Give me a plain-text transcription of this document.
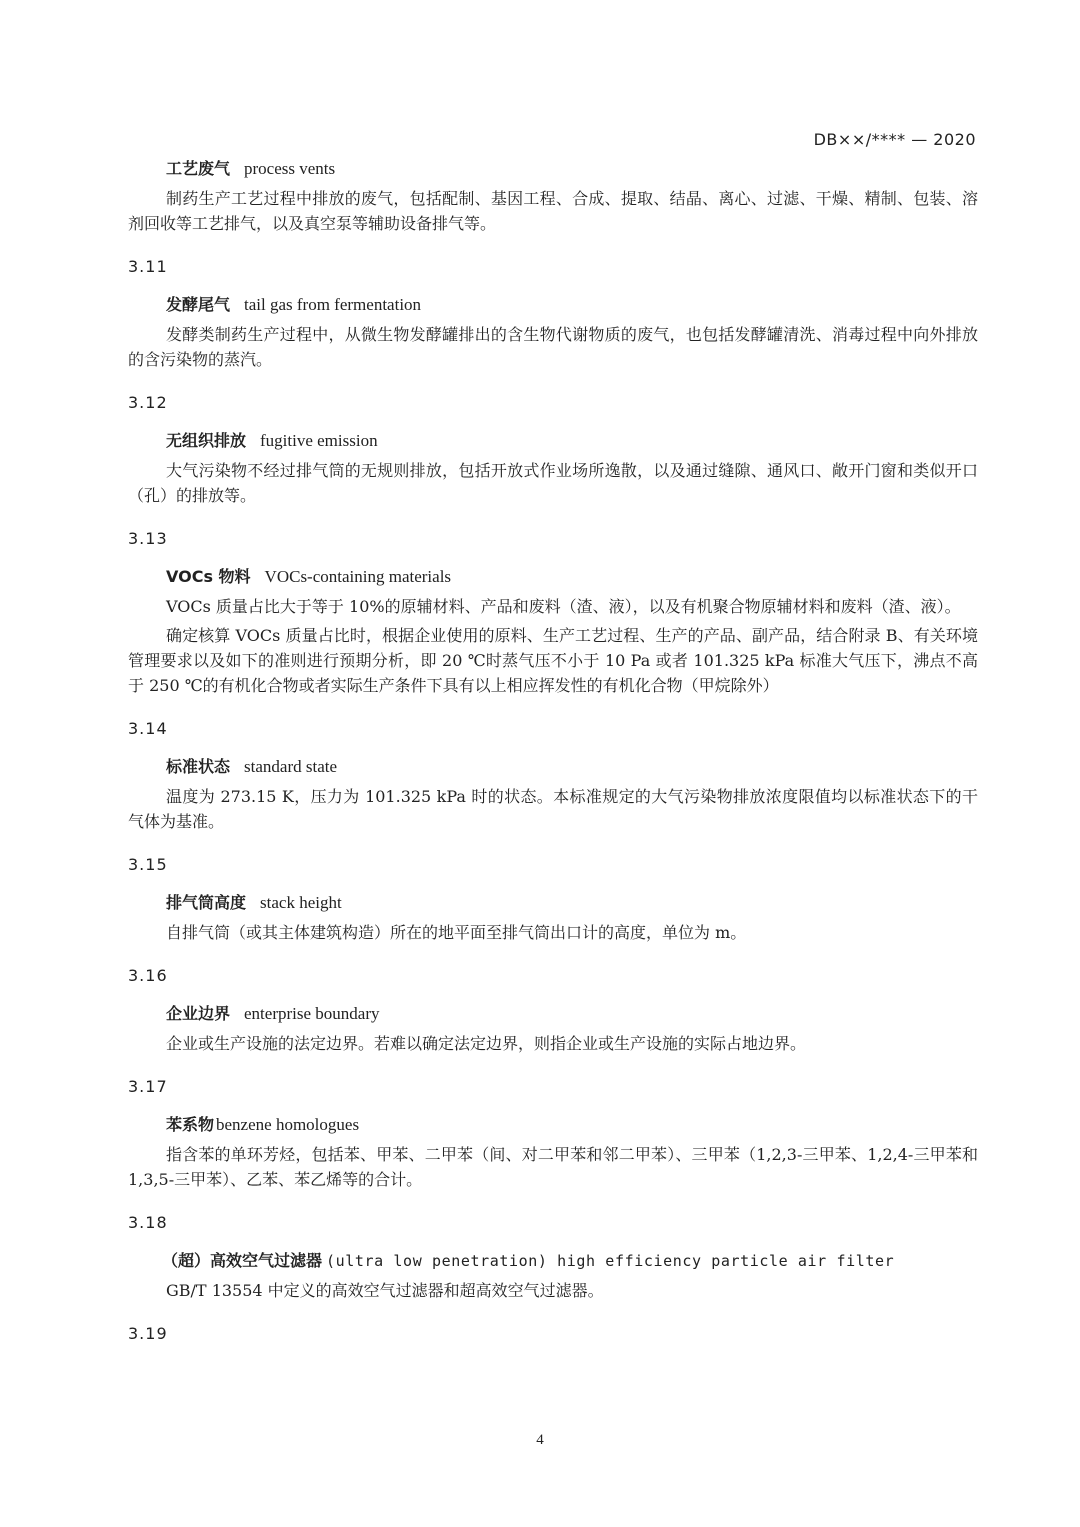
DB××/**** — 2020
工艺废气 process vents

制药生产工艺过程中排放的废气，包括配制、基因工程、合成、提取、结晶、离心、过滤、干燥、精制、包装、溶剂回收等工艺排气，以及真空泵等辅助设备排气等。

3.11
发酵尾气 tail gas from fermentation

发酵类制药生产过程中，从微生物发酵罐排出的含生物代谢物质的废气，也包括发酵罐清洗、消毒过程中向外排放的含污染物的蒸汽。

3.12
无组织排放 fugitive emission

大气污染物不经过排气筒的无规则排放，包括开放式作业场所逸散，以及通过缝隙、通风口、敞开门窗和类似开口（孔）的排放等。

3.13
VOCs 物料 VOCs-containing materials

VOCs 质量占比大于等于 10%的原辅材料、产品和废料（渣、液），以及有机聚合物原辅材料和废料（渣、液）。

确定核算 VOCs 质量占比时，根据企业使用的原料、生产工艺过程、生产的产品、副产品，结合附录 B、有关环境管理要求以及如下的准则进行预期分析，即 20 ℃时蒸气压不小于 10 Pa 或者 101.325 kPa 标准大气压下，沸点不高于 250 ℃的有机化合物或者实际生产条件下具有以上相应挥发性的有机化合物（甲烷除外）

3.14
标准状态 standard state

温度为 273.15 K，压力为 101.325 kPa 时的状态。本标准规定的大气污染物排放浓度限值均以标准状态下的干气体为基准。

3.15
排气筒高度 stack height

自排气筒（或其主体建筑构造）所在的地平面至排气筒出口计的高度，单位为 m。

3.16
企业边界 enterprise boundary

企业或生产设施的法定边界。若难以确定法定边界，则指企业或生产设施的实际占地边界。

3.17
苯系物 benzene homologues

指含苯的单环芳烃，包括苯、甲苯、二甲苯（间、对二甲苯和邻二甲苯）、三甲苯（1,2,3-三甲苯、1,2,4-三甲苯和 1,3,5-三甲苯）、乙苯、苯乙烯等的合计。

3.18
（超）高效空气过滤器 (ultra low penetration) high efficiency particle air filter

GB/T 13554 中定义的高效空气过滤器和超高效空气过滤器。

3.19
4
